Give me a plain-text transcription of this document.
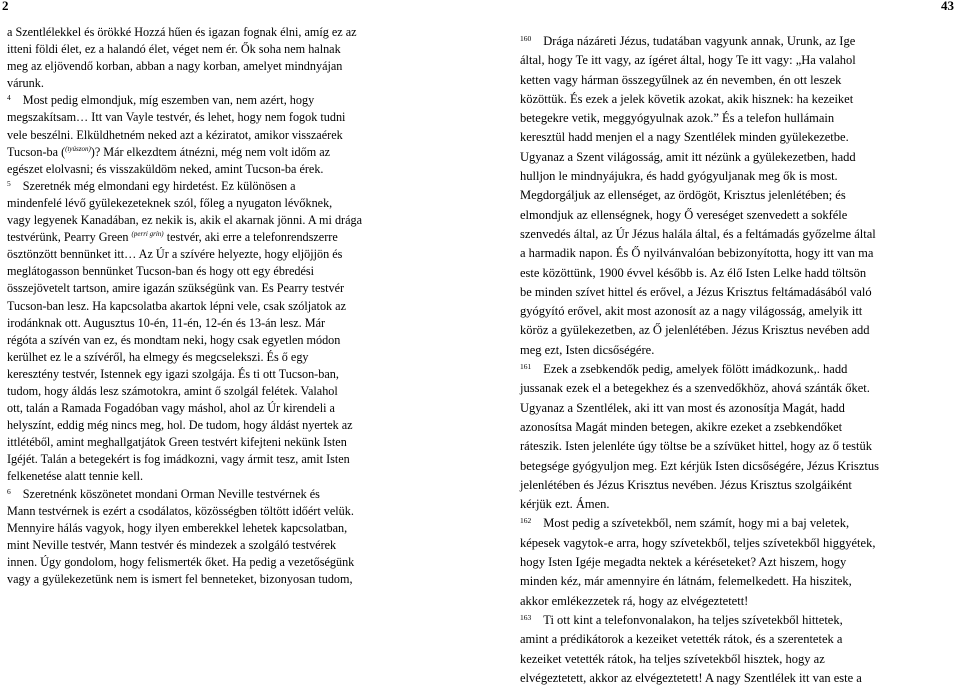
2	43
a Szentlélekkel és örökké Hozzá hűen és igazan fognak élni, amíg ez az
itteni földi élet, ez a halandó élet, véget nem ér. Ők soha nem halnak
meg az eljövendő korban, abban a nagy korban, amelyet mindnyájan
várunk.
$^4$ Most pedig elmondjuk, míg eszemben van, nem azért, hogy
megszakítsam… Itt van Vayle testvér, és lehet, hogy nem fogok tudni
vele beszélni. Elküldhetném neked azt a kéziratot, amikor visszaérek
Tucson-ba ($^{(tyúszon)}$)? Már elkezdtem átnézni, még nem volt időm az
egészet elolvasni; és visszaküldöm neked, amint Tucson-ba érek.
$^5$ Szeretnék még elmondani egy hirdetést. Ez különösen a
mindenfelé lévő gyülekezeteknek szól, főleg a nyugaton lévőknek,
vagy legyenek Kanadában, ez nekik is, akik el akarnak jönni. A mi drága
testvérünk, Pearry Green $^{(perri grín)}$ testvér, aki erre a telefonrendszerre
ösztönzött bennünket itt… Az Úr a szívére helyezte, hogy eljöjjön és
meglátogasson bennünket Tucson-ban és hogy ott egy ébredési
összejövetelt tartson, amire igazán szükségünk van. Es Pearry testvér
Tucson-ban lesz. Ha kapcsolatba akartok lépni vele, csak szóljatok az
irodánknak ott. Augusztus 10-én, 11-én, 12-én és 13-án lesz. Már
régóta a szívén van ez, és mondtam neki, hogy csak egyetlen módon
kerülhet ez le a szívéről, ha elmegy és megcselekszi. És ő egy
keresztény testvér, Istennek egy igazi szolgája. És ti ott Tucson-ban,
tudom, hogy áldás lesz számotokra, amint ő szolgál felétek. Valahol
ott, talán a Ramada Fogadóban vagy máshol, ahol az Úr kirendeli a
helyszínt, eddig még nincs meg, hol. De tudom, hogy áldást nyertek az
ittlétéből, amint meghallgatjátok Green testvért kifejteni nekünk Isten
Igéjét. Talán a betegekért is fog imádkozni, vagy ármit tesz, amit Isten
felkenetése alatt tennie kell.
$^6$ Szeretnénk köszönetet mondani Orman Neville testvérnek és
Mann testvérnek is ezért a csodálatos, közösségben töltött időért velük.
Mennyire hálás vagyok, hogy ilyen emberekkel lehetek kapcsolatban,
mint Neville testvér, Mann testvér és mindezek a szolgáló testvérek
innen. Úgy gondolom, hogy felismerték őket. Ha pedig a vezetőségünk
vagy a gyülekezetünk nem is ismert fel benneteket, bizonyosan tudom,
$^{160}$ Drága názáreti Jézus, tudatában vagyunk annak, Urunk, az Ige
által, hogy Te itt vagy, az ígéret által, hogy Te itt vagy: „Ha valahol
ketten vagy hárman összegyűlnek az én nevemben, én ott leszek
közöttük. És ezek a jelek követik azokat, akik hisznek: ha kezeiket
betegekre vetik, meggyógyulnak azok.” És a telefon hullámain
keresztül hadd menjen el a nagy Szentlélek minden gyülekezetbe.
Ugyanaz a Szent világosság, amit itt nézünk a gyülekezetben, hadd
hulljon le mindnyájukra, és hadd gyógyuljanak meg ők is most.
Megdorgáljuk az ellenséget, az ördögöt, Krisztus jelenlétében; és
elmondjuk az ellenségnek, hogy Ő vereséget szenvedett a sokféle
szenvedés által, az Úr Jézus halála által, és a feltámadás győzelme által
a harmadik napon. És Ő nyilvánvalóan bebizonyította, hogy itt van ma
este közöttünk, 1900 évvel később is. Az élő Isten Lelke hadd töltsön
be minden szívet hittel és erővel, a Jézus Krisztus feltámadásából való
gyógyító erővel, akit most azonosít az a nagy világosság, amelyik itt
köröz a gyülekezetben, az Ő jelenlétében. Jézus Krisztus nevében add
meg ezt, Isten dicsőségére.
$^{161}$ Ezek a zsebkendők pedig, amelyek fölött imádkozunk,. hadd
jussanak ezek el a betegekhez és a szenvedőkhöz, ahová szánták őket.
Ugyanaz a Szentlélek, aki itt van most és azonosítja Magát, hadd
azonosítsa Magát minden betegen, akikre ezeket a zsebkendőket
ráteszik. Isten jelenléte úgy töltse be a szívüket hittel, hogy az ő testük
betegsége gyógyuljon meg. Ezt kérjük Isten dicsőségére, Jézus Krisztus
jelenlétében és Jézus Krisztus nevében. Jézus Krisztus szolgáiként
kérjük ezt. Ámen.
$^{162}$ Most pedig a szívetekből, nem számít, hogy mi a baj veletek,
képesek vagytok-e arra, hogy szívetekből, teljes szívetekből higgyétek,
hogy Isten Igéje megadta nektek a kéréseteket? Azt hiszem, hogy
minden kéz, már amennyire én látnám, felemelkedett. Ha hiszitek,
akkor emlékezzetek rá, hogy az elvégeztetett!
$^{163}$ Ti ott kint a telefonvonalakon, ha teljes szívetekből hittetek,
amint a prédikátorok a kezeiket vetették rátok, és a szerentetek a
kezeiket vetették rátok, ha teljes szívetekből hisztek, hogy az
elvégeztetett, akkor az elvégeztetett! A nagy Szentlélek itt van este a
